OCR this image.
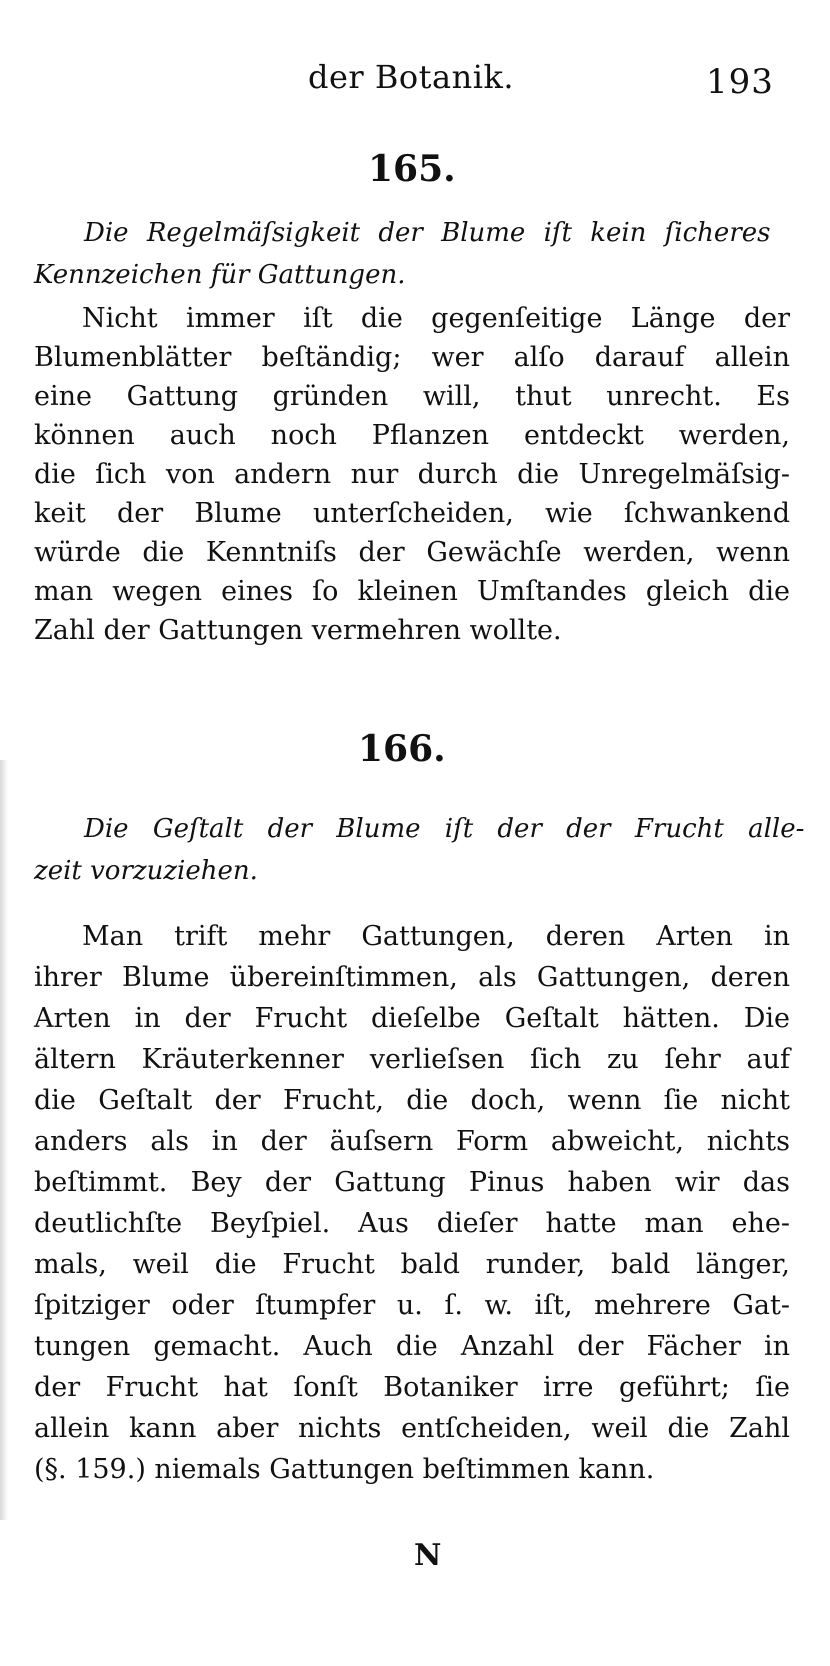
der Botanik.	193
165.
Die Regelmäſsigkeit der Blume iſt kein ſicheres
Kennzeichen für Gattungen.
Nicht immer iſt die gegenſeitige Länge der
Blumenblätter beſtändig; wer alſo darauf allein
eine Gattung gründen will, thut unrecht. Es
können auch noch Pflanzen entdeckt werden,
die ſich von andern nur durch die Unregelmäſsig-
keit der Blume unterſcheiden, wie ſchwankend
würde die Kenntniſs der Gewächſe werden, wenn
man wegen eines ſo kleinen Umſtandes gleich die
Zahl der Gattungen vermehren wollte.
166.
Die Geſtalt der Blume iſt der der Frucht alle-
zeit vorzuziehen.
Man trift mehr Gattungen, deren Arten in
ihrer Blume übereinſtimmen, als Gattungen, deren
Arten in der Frucht dieſelbe Geſtalt hätten. Die
ältern Kräuterkenner verlieſsen ſich zu ſehr auf
die Geſtalt der Frucht, die doch, wenn ſie nicht
anders als in der äuſsern Form abweicht, nichts
beſtimmt. Bey der Gattung Pinus haben wir das
deutlichſte Beyſpiel. Aus dieſer hatte man ehe-
mals, weil die Frucht bald runder, bald länger,
ſpitziger oder ſtumpfer u. ſ. w. iſt, mehrere Gat-
tungen gemacht. Auch die Anzahl der Fächer in
der Frucht hat ſonſt Botaniker irre geführt; ſie
allein kann aber nichts entſcheiden, weil die Zahl
(§. 159.) niemals Gattungen beſtimmen kann.
N
